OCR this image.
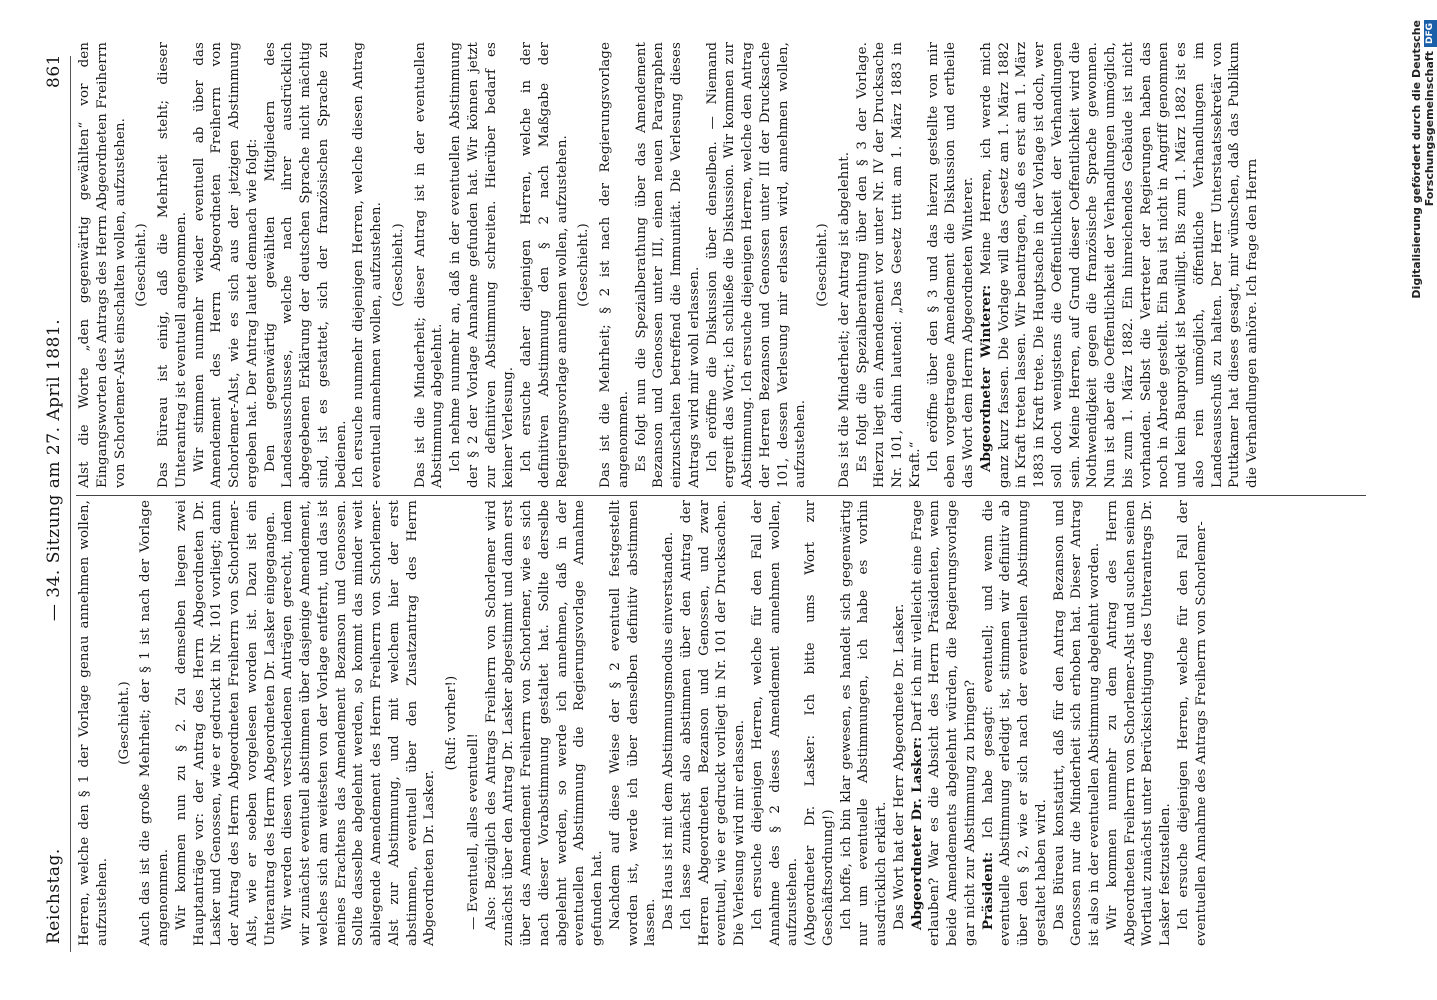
Reichstag.
— 34. Sitzung am 27. April 1881.
861

Herren, welche den § 1 der Vorlage genau annehmen wollen, aufzustehen.

(Geschieht.) Auch das ist die große Mehrheit; der § 1 ist nach der Vorlage angenommen. Wir kommen nun zu § 2. Zu demselben liegen zwei Hauptanträge vor: der Antrag des Herrn Abgeordneten Dr. Lasker und Genossen, wie er gedruckt in Nr. 101 vorliegt; dann der Antrag des Herrn Abgeordneten Freiherrn von Schorlemer-Alst, wie er soeben vorgelesen worden ist. Dazu ist ein Unterantrag des Herrn Abgeordneten Dr. Lasker eingegangen. Wir werden diesen verschiedenen Anträgen gerecht, indem wir zunächst eventuell abstimmen über dasjenige Amendement, welches sich am weitesten von der Vorlage entfernt, und das ist meines Erachtens das Amendement Bezanson und Genossen. Sollte dasselbe abgelehnt werden, so kommt das minder weit abliegende Amendement des Herrn Freiherrn von Schorlemer-Alst zur Abstimmung, und mit welchem hier der erst abstimmen, eventuell über den Zusatzantrag des Herrn Abgeordneten Dr. Lasker.

(Ruf: vorher!)

— Eventuell, alles eventuell! Also: Bezüglich des Antrags Freiherrn von Schorlemer wird zunächst über den Antrag Dr. Lasker abgestimmt und dann erst über das Amendement Freiherrn von Schorlemer, wie es sich nach dieser Vorabstimmung gestaltet hat. Sollte derselbe abgelehnt werden, so werde ich annehmen, daß in der eventuellen Abstimmung die Regierungsvorlage Annahme gefunden hat. Nachdem auf diese Weise der § 2 eventuell festgestellt worden ist, werde ich über denselben definitiv abstimmen lassen. Das Haus ist mit dem Abstimmungsmodus einverstanden. Ich lasse zunächst also abstimmen über den Antrag der Herren Abgeordneten Bezanson und Genossen, und zwar eventuell, wie er gedruckt vorliegt in Nr. 101 der Drucksachen. Die Verlesung wird mir erlassen. Ich ersuche diejenigen Herren, welche für den Fall der Annahme des § 2 dieses Amendement annehmen wollen, aufzustehen. (Abgeordneter Dr. Lasker: Ich bitte ums Wort zur Geschäftsordnung!) Ich hoffe, ich bin klar gewesen, es handelt sich gegenwärtig nur um eventuelle Abstimmungen, ich habe es vorhin ausdrücklich erklärt. Das Wort hat der Herr Abgeordnete Dr. Lasker. Abgeordneter Dr. Lasker: Darf ich mir vielleicht eine Frage erlauben? War es die Absicht des Herrn Präsidenten, wenn beide Amendements abgelehnt würden, die Regierungsvorlage gar nicht zur Abstimmung zu bringen? Präsident: Ich habe gesagt: eventuell; und wenn die eventuelle Abstimmung erledigt ist, stimmen wir definitiv ab über den § 2, wie er sich nach der eventuellen Abstimmung gestaltet haben wird. Das Büreau konstatirt, daß für den Antrag Bezanson und Genossen nur die Minderheit sich erhoben hat. Dieser Antrag ist also in der eventuellen Abstimmung abgelehnt worden. Wir kommen nunmehr zu dem Antrag des Herrn Abgeordneten Freiherrn von Schorlemer-Alst und suchen seinen Wortlaut zunächst unter Berücksichtigung des Unterantrags Dr. Lasker festzustellen. Ich ersuche diejenigen Herren, welche für den Fall der eventuellen Annahme des Antrags Freiherrn von Schorlemer-

Alst die Worte „den gegenwärtig gewählten“ vor den Eingangsworten des Antrags des Herrn Abgeordneten Freiherrn von Schorlemer-Alst einschalten wollen, aufzustehen. (Geschieht.) Das Büreau ist einig, daß die Mehrheit steht; dieser Unterantrag ist eventuell angenommen. Wir stimmen nunmehr wieder eventuell ab über das Amendement des Herrn Abgeordneten Freiherrn von Schorlemer-Alst, wie es sich aus der jetzigen Abstimmung ergeben hat. Der Antrag lautet demnach wie folgt: Den gegenwärtig gewählten Mitgliedern des Landesausschusses, welche nach ihrer ausdrücklich abgegebenen Erklärung der deutschen Sprache nicht mächtig sind, ist es gestattet, sich der französischen Sprache zu bedienen. Ich ersuche nunmehr diejenigen Herren, welche diesen Antrag eventuell annehmen wollen, aufzustehen. (Geschieht.) Das ist die Minderheit; dieser Antrag ist in der eventuellen Abstimmung abgelehnt. Ich nehme nunmehr an, daß in der eventuellen Abstimmung der § 2 der Vorlage Annahme gefunden hat. Wir können jetzt zur definitiven Abstimmung schreiten. Hierüber bedarf es keiner Verlesung. Ich ersuche daher diejenigen Herren, welche in der definitiven Abstimmung den § 2 nach Maßgabe der Regierungsvorlage annehmen wollen, aufzustehen. (Geschieht.) Das ist die Mehrheit; § 2 ist nach der Regierungsvorlage angenommen. Es folgt nun die Spezialberathung über das Amendement Bezanson und Genossen unter III, einen neuen Paragraphen einzuschalten betreffend die Immunität. Die Verlesung dieses Antrags wird mir wohl erlassen. Ich eröffne die Diskussion über denselben. — Niemand ergreift das Wort; ich schließe die Diskussion. Wir kommen zur Abstimmung. Ich ersuche diejenigen Herren, welche den Antrag der Herren Bezanson und Genossen unter III der Drucksache 101, dessen Verlesung mir erlassen wird, annehmen wollen, aufzustehen.

(Geschieht.) Das ist die Minderheit; der Antrag ist abgelehnt. Es folgt die Spezialberathung über den § 3 der Vorlage. Hierzu liegt ein Amendement vor unter Nr. IV der Drucksache Nr. 101, dahin lautend: „Das Gesetz tritt am 1. März 1883 in Kraft.“ Ich eröffne über den § 3 und das hierzu gestellte von mir eben vorgetragene Amendement die Diskussion und ertheile das Wort dem Herrn Abgeordneten Winterer. Abgeordneter Winterer: Meine Herren, ich werde mich ganz kurz fassen. Die Vorlage will das Gesetz am 1. März 1882 in Kraft treten lassen. Wir beantragen, daß es erst am 1. März 1883 in Kraft trete. Die Hauptsache in der Vorlage ist doch, wer soll doch wenigstens die Oeffentlichkeit der Verhandlungen sein. Meine Herren, auf Grund dieser Oeffentlichkeit wird die Nothwendigkeit gegen die französische Sprache gewonnen. Nun ist aber die Oeffentlichkeit der Verhandlungen unmöglich, bis zum 1. März 1882. Ein hinreichendes Gebäude ist nicht vorhanden. Selbst die Vertreter der Regierungen haben das noch in Abrede gestellt. Ein Bau ist nicht in Angriff genommen und kein Bauprojekt ist bewilligt. Bis zum 1. März 1882 ist es also rein unmöglich, öffentliche Verhandlungen im Landesausschuß zu halten. Der Herr Unterstaatssekretär von Puttkamer hat dieses gesagt, mir wünschen, daß das Publikum die Verhandlungen anhöre. Ich frage den Herrn	Digitalisierung gefördert durch die Deutsche ForschungsgemeinschaftDFG
